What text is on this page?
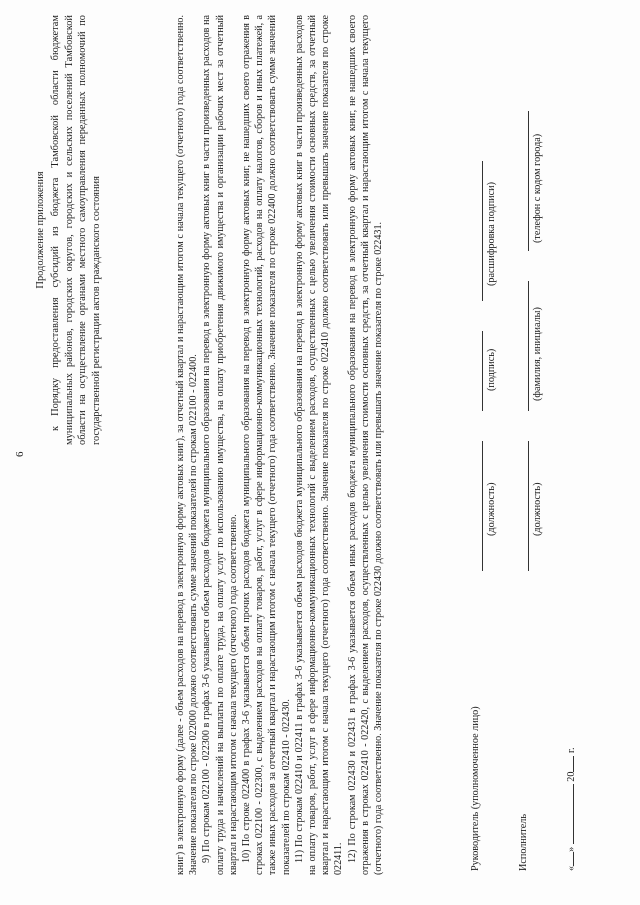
6
Продолжение приложения к Порядку предоставления субсидий из бюджета Тамбовской области бюджетам муниципальных районов, городских округов, городских и сельских поселений Тамбовской области на осуществление органами местного самоуправления переданных полномочий по государственной регистрации актов гражданского состояния	книг) в электронную форму (далее - объем расходов на перевод в электронную форму актовых книг), за отчетный квартал и нарастающим итогом с начала текущего (отчетного) года соответственно. Значение показателя по строке 022000 должно соответствовать сумме значений показателей по строкам 022100 - 022400. 9) По строкам 022100 - 022300 в графах 3-6 указывается объем расходов бюджета муниципального образования на перевод в электронную форму актовых книг в части произведенных расходов на оплату труда и начислений на выплаты по оплате труда, на оплату услуг по использованию имущества, на оплату приобретения движимого имущества и организации рабочих мест за отчетный квартал и нарастающим итогом с начала текущего (отчетного) года соответственно. 10) По строке 022400 в графах 3-6 указывается объем прочих расходов бюджета муниципального образования на перевод в электронную форму актовых книг, не нашедших своего отражения в строках 022100 - 022300, с выделением расходов на оплату товаров, работ, услуг в сфере информационно-коммуникационных технологий, расходов на оплату налогов, сборов и иных платежей, а также иных расходов за отчетный квартал и нарастающим итогом с начала текущего (отчетного) года соответственно. Значение показателя по строке 022400 должно соответствовать сумме значений показателей по строкам 022410 - 022430. 11) По строкам 022410 и 022411 в графах 3-6 указывается объем расходов бюджета муниципального образования на перевод в электронную форму актовых книг в части произведенных расходов на оплату товаров, работ, услуг в сфере информационно-коммуникационных технологий с выделением расходов, осуществленных с целью увеличения стоимости основных средств, за отчетный квартал и нарастающим итогом с начала текущего (отчетного) года соответственно. Значение показателя по строке 022410 должно соответствовать или превышать значение показателя по строке 022411. 12) По строкам 022430 и 022431 в графах 3-6 указывается объем иных расходов бюджета муниципального образования на перевод в электронную форму актовых книг, не нашедших своего отражения в строках 022410 - 022420, с выделением расходов, осуществленных с целью увеличения стоимости основных средств, за отчетный квартал и нарастающим итогом с начала текущего (отчетного) года соответственно. Значение показателя по строке 022430 должно соответствовать или превышать значение показателя по строке 022431.	Руководитель (уполномоченное лицо)
(должность)
(подпись)
(расшифровка подписи)
Исполнитель
(должность)
(фамилия, инициалы)
(телефон с кодом города)
«»  20 г.
